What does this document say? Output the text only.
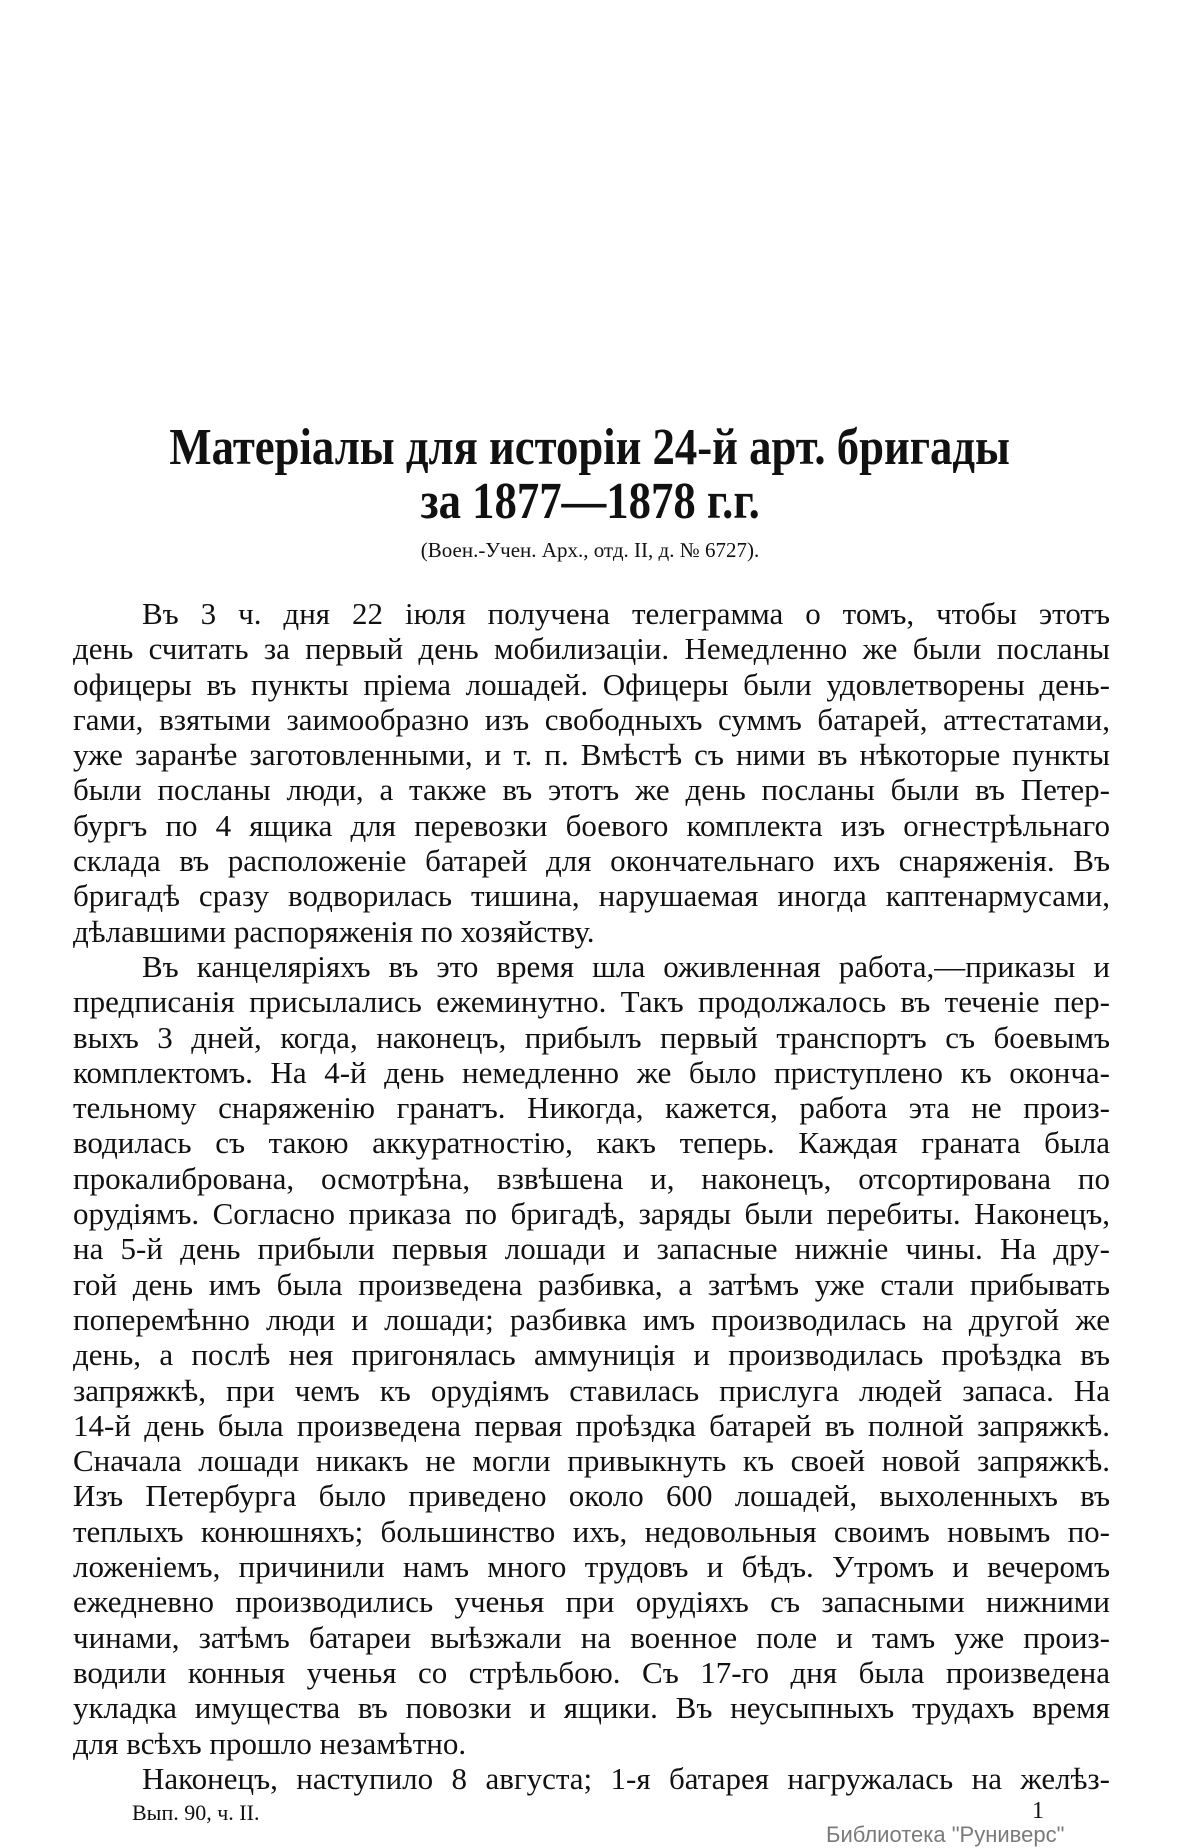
Матеріалы для исторіи 24-й арт. бригады
за 1877—1878 г.г.
(Воен.-Учен. Арх., отд. II, д. № 6727).
Въ 3 ч. дня 22 іюля получена телеграмма о томъ, чтобы этотъ
день считать за первый день мобилизаціи. Немедленно же были посланы
офицеры въ пункты пріема лошадей. Офицеры были удовлетворены день-
гами, взятыми заимообразно изъ свободныхъ суммъ батарей, аттестатами,
уже заранѣе заготовленными, и т. п. Вмѣстѣ съ ними въ нѣкоторые пункты
были посланы люди, а также въ этотъ же день посланы были въ Петер-
бургъ по 4 ящика для перевозки боевого комплекта изъ огнестрѣльнаго
склада въ расположеніе батарей для окончательнаго ихъ снаряженія. Въ
бригадѣ сразу водворилась тишина, нарушаемая иногда каптенармусами,
дѣлавшими распоряженія по хозяйству.
Въ канцеляріяхъ въ это время шла оживленная работа,—приказы и
предписанія присылались ежеминутно. Такъ продолжалось въ теченіе пер-
выхъ 3 дней, когда, наконецъ, прибылъ первый транспортъ съ боевымъ
комплектомъ. На 4-й день немедленно же было приступлено къ оконча-
тельному снаряженію гранатъ. Никогда, кажется, работа эта не произ-
водилась съ такою аккуратностію, какъ теперь. Каждая граната была
прокалибрована, осмотрѣна, взвѣшена и, наконецъ, отсортирована по
орудіямъ. Согласно приказа по бригадѣ, заряды были перебиты. Наконецъ,
на 5-й день прибыли первыя лошади и запасные нижніе чины. На дру-
гой день имъ была произведена разбивка, а затѣмъ уже стали прибывать
поперемѣнно люди и лошади; разбивка имъ производилась на другой же
день, а послѣ нея пригонялась аммуниція и производилась проѣздка въ
запряжкѣ, при чемъ къ орудіямъ ставилась прислуга людей запаса. На
14-й день была произведена первая проѣздка батарей въ полной запряжкѣ.
Сначала лошади никакъ не могли привыкнуть къ своей новой запряжкѣ.
Изъ Петербурга было приведено около 600 лошадей, выхоленныхъ въ
теплыхъ конюшняхъ; большинство ихъ, недовольныя своимъ новымъ по-
ложеніемъ, причинили намъ много трудовъ и бѣдъ. Утромъ и вечеромъ
ежедневно производились ученья при орудіяхъ съ запасными нижними
чинами, затѣмъ батареи выѣзжали на военное поле и тамъ уже произ-
водили конныя ученья со стрѣльбою. Съ 17-го дня была произведена
укладка имущества въ повозки и ящики. Въ неусыпныхъ трудахъ время
для всѣхъ прошло незамѣтно.
Наконецъ, наступило 8 августа; 1-я батарея нагружалась на желѣз-
Вып. 90, ч. II.	1
Библиотека "Руниверс"
